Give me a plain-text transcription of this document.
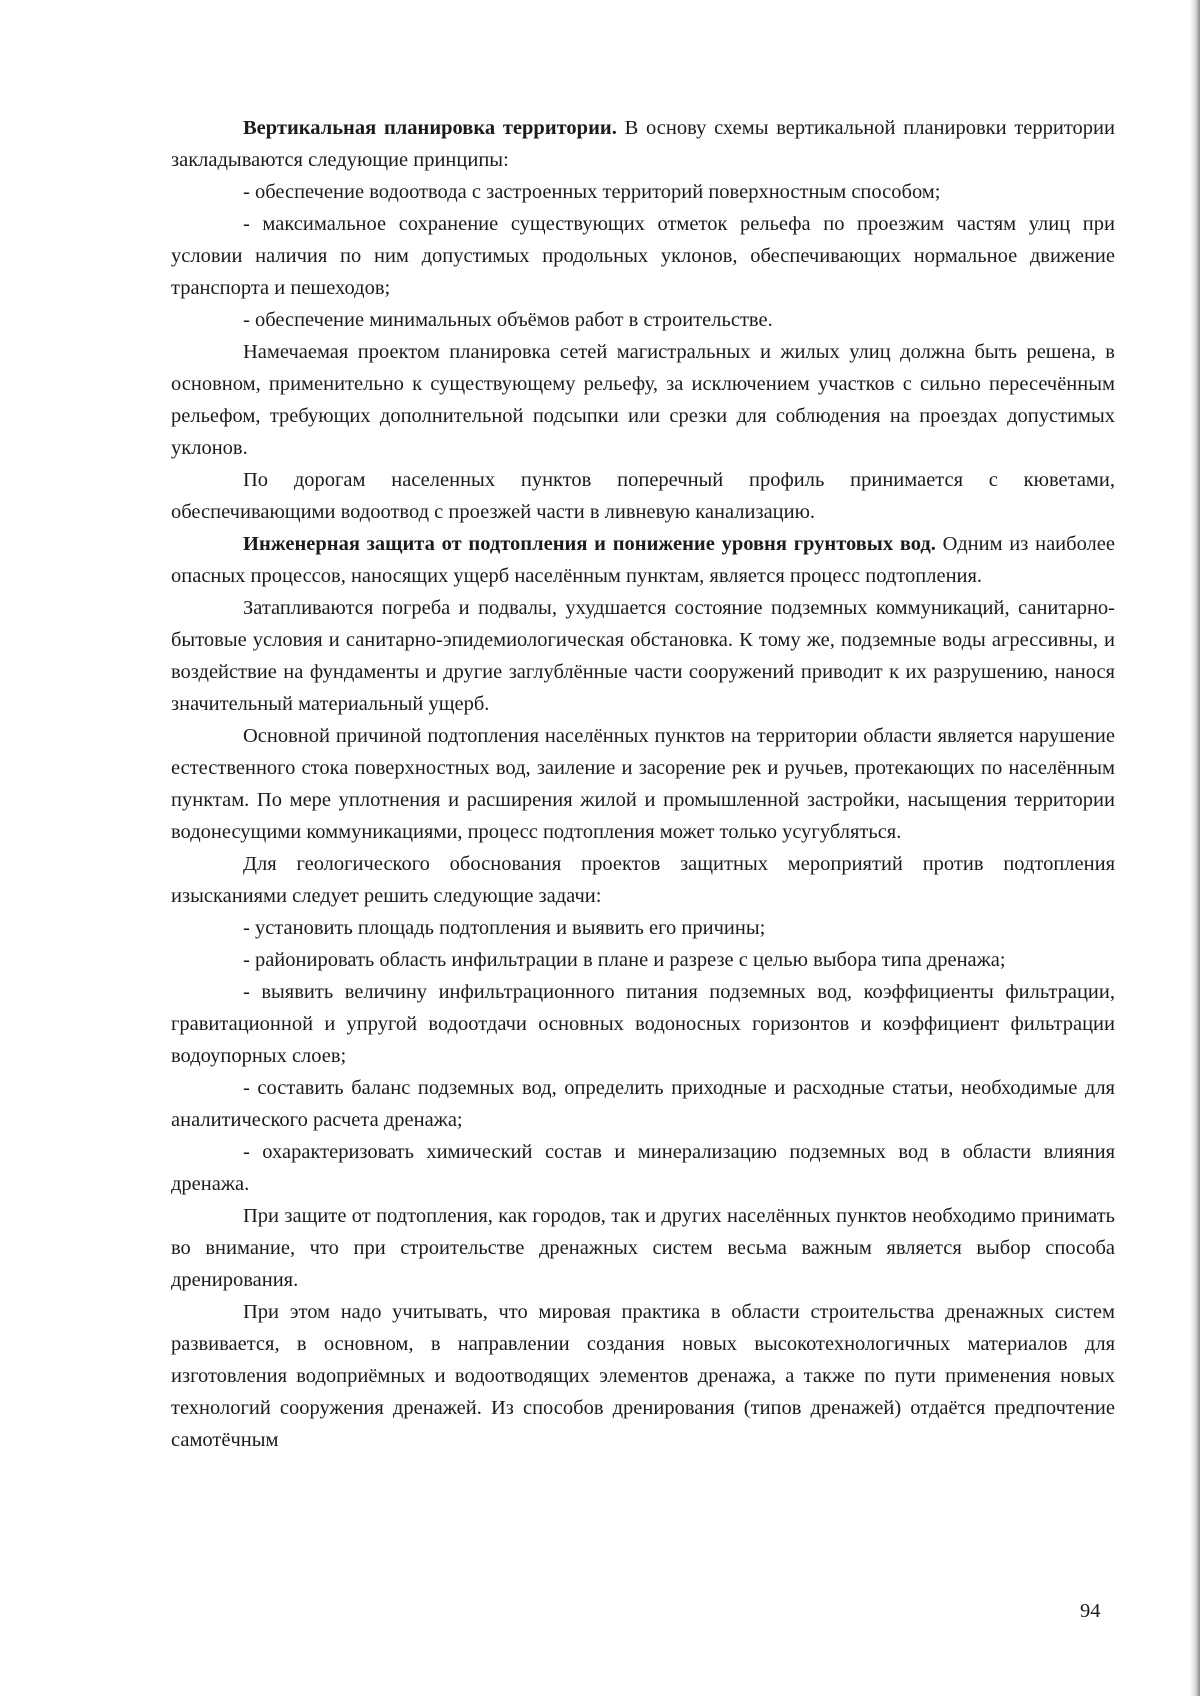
Вертикальная планировка территории. В основу схемы вертикальной планировки территории закладываются следующие принципы:

- обеспечение водоотвода с застроенных территорий поверхностным способом;

- максимальное сохранение существующих отметок рельефа по проезжим частям улиц при условии наличия по ним допустимых продольных уклонов, обеспечивающих нормальное движение транспорта и пешеходов;

- обеспечение минимальных объёмов работ в строительстве.

Намечаемая проектом планировка сетей магистральных и жилых улиц должна быть решена, в основном, применительно к существующему рельефу, за исключением участков с сильно пересечённым рельефом, требующих дополнительной подсыпки или срезки для соблюдения на проездах допустимых уклонов.

По дорогам населенных пунктов поперечный профиль принимается с кюветами, обеспечивающими водоотвод с проезжей части в ливневую канализацию.

Инженерная защита от подтопления и понижение уровня грунтовых вод. Одним из наиболее опасных процессов, наносящих ущерб населённым пунктам, является процесс подтопления.

Затапливаются погреба и подвалы, ухудшается состояние подземных коммуникаций, санитарно-бытовые условия и санитарно-эпидемиологическая обстановка. К тому же, подземные воды агрессивны, и воздействие на фундаменты и другие заглублённые части сооружений приводит к их разрушению, нанося значительный материальный ущерб.

Основной причиной подтопления населённых пунктов на территории области является нарушение естественного стока поверхностных вод, заиление и засорение рек и ручьев, протекающих по населённым пунктам. По мере уплотнения и расширения жилой и промышленной застройки, насыщения территории водонесущими коммуникациями, процесс подтопления может только усугубляться.

Для геологического обоснования проектов защитных мероприятий против подтопления изысканиями следует решить следующие задачи:

- установить площадь подтопления и выявить его причины;

- районировать область инфильтрации в плане и разрезе с целью выбора типа дренажа;

- выявить величину инфильтрационного питания подземных вод, коэффициенты фильтрации, гравитационной и упругой водоотдачи основных водоносных горизонтов и коэффициент фильтрации водоупорных слоев;

- составить баланс подземных вод, определить приходные и расходные статьи, необходимые для аналитического расчета дренажа;

- охарактеризовать химический состав и минерализацию подземных вод в области влияния дренажа.

При защите от подтопления, как городов, так и других населённых пунктов необходимо принимать во внимание, что при строительстве дренажных систем весьма важным является выбор способа дренирования.

При этом надо учитывать, что мировая практика в области строительства дренажных систем развивается, в основном, в направлении создания новых высокотехнологичных материалов для изготовления водоприёмных и водоотводящих элементов дренажа, а также по пути применения новых технологий сооружения дренажей. Из способов дренирования (типов дренажей) отдаётся предпочтение самотёчным

94
